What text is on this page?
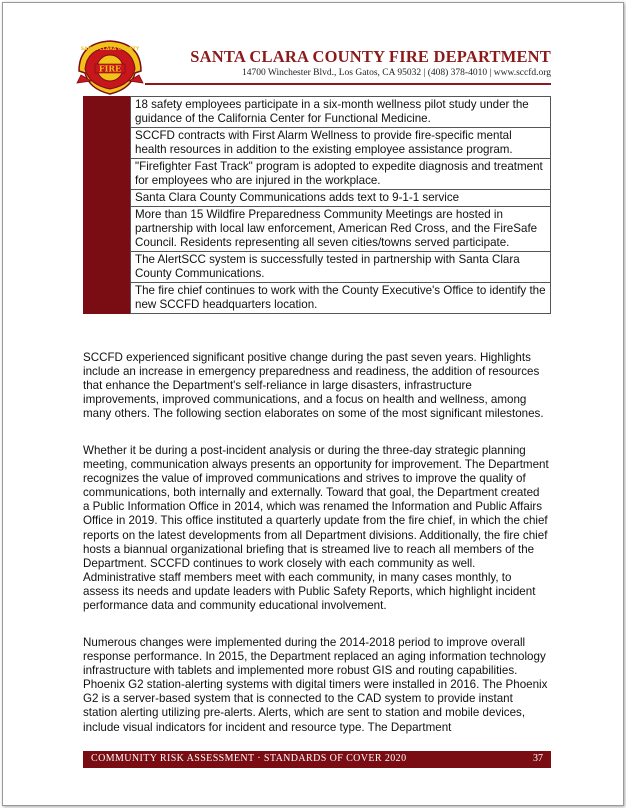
SANTA CLARA COUNTY
FIRE
SANTA CLARA COUNTY FIRE DEPARTMENT
14700 Winchester Blvd., Los Gatos, CA 95032 | (408) 378-4010 | www.sccfd.org
18 safety employees participate in a six-month wellness pilot study under the guidance of the California Center for Functional Medicine.
SCCFD contracts with First Alarm Wellness to provide fire-specific mental health resources in addition to the existing employee assistance program.
"Firefighter Fast Track" program is adopted to expedite diagnosis and treatment for employees who are injured in the workplace.
Santa Clara County Communications adds text to 9-1-1 service
More than 15 Wildfire Preparedness Community Meetings are hosted in partnership with local law enforcement, American Red Cross, and the FireSafe Council. Residents representing all seven cities/towns served participate.
The AlertSCC system is successfully tested in partnership with Santa Clara County Communications.
The fire chief continues to work with the County Executive's Office to identify the new SCCFD headquarters location.

SCCFD experienced significant positive change during the past seven years. Highlights include an increase in emergency preparedness and readiness, the addition of resources that enhance the Department's self-reliance in large disasters, infrastructure improvements, improved communications, and a focus on health and wellness, among many others. The following section elaborates on some of the most significant milestones.

Whether it be during a post-incident analysis or during the three-day strategic planning meeting, communication always presents an opportunity for improvement. The Department recognizes the value of improved communications and strives to improve the quality of communications, both internally and externally. Toward that goal, the Department created a Public Information Office in 2014, which was renamed the Information and Public Affairs Office in 2019. This office instituted a quarterly update from the fire chief, in which the chief reports on the latest developments from all Department divisions. Additionally, the fire chief hosts a biannual organizational briefing that is streamed live to reach all members of the Department. SCCFD continues to work closely with each community as well. Administrative staff members meet with each community, in many cases monthly, to assess its needs and update leaders with Public Safety Reports, which highlight incident performance data and community educational involvement.

Numerous changes were implemented during the 2014-2018 period to improve overall response performance. In 2015, the Department replaced an aging information technology infrastructure with tablets and implemented more robust GIS and routing capabilities. Phoenix G2 station-alerting systems with digital timers were installed in 2016. The Phoenix G2 is a server-based system that is connected to the CAD system to provide instant station alerting utilizing pre-alerts. Alerts, which are sent to station and mobile devices, include visual indicators for incident and resource type. The Department

COMMUNITY RISK ASSESSMENT · STANDARDS OF COVER 2020	37
